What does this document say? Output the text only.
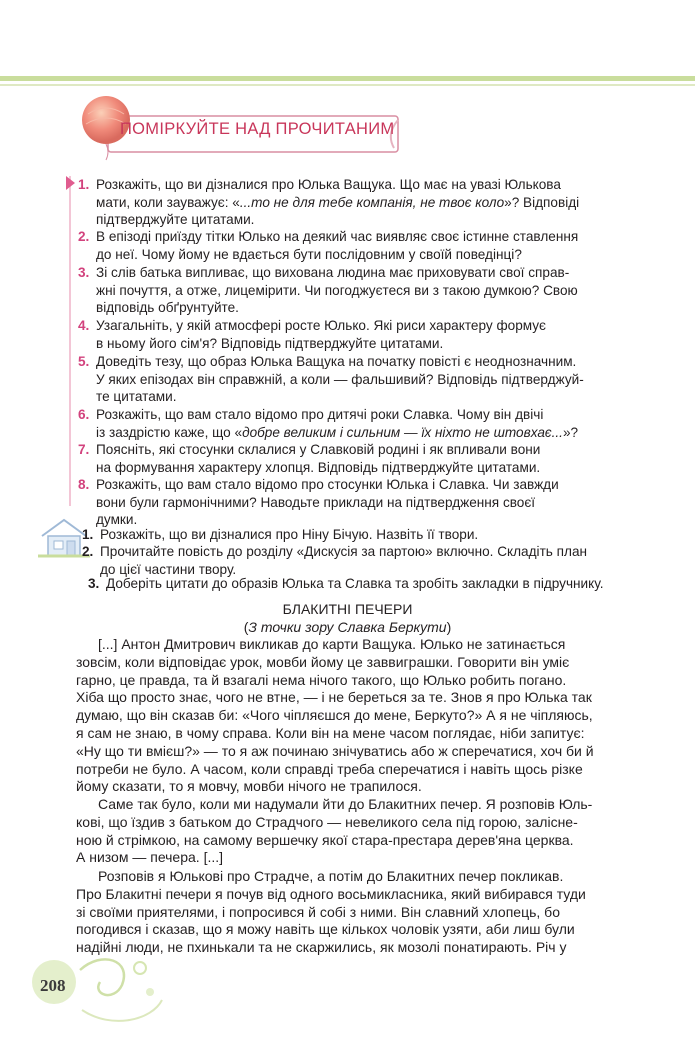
ПОМІРКУЙТЕ НАД ПРОЧИТАНИМ
1. Розкажіть, що ви дізналися про Юлька Ващука. Що має на увазі Юлькова
мати, коли зауважує: «...то не для тебе компанія, не твоє коло»? Відповіді
підтверджуйте цитатами.
2. В епізоді приїзду тітки Юлько на деякий час виявляє своє істинне ставлення
до неї. Чому йому не вдається бути послідовним у своїй поведінці?
3. Зі слів батька випливає, що вихована людина має приховувати свої справ-
жні почуття, а отже, лицемірити. Чи погоджуєтеся ви з такою думкою? Свою
відповідь обґрунтуйте.
4. Узагальніть, у якій атмосфері росте Юлько. Які риси характеру формує
в ньому його сім'я? Відповідь підтверджуйте цитатами.
5. Доведіть тезу, що образ Юлька Ващука на початку повісті є неоднозначним.
У яких епізодах він справжній, а коли — фальшивий? Відповідь підтверджуй-
те цитатами.
6. Розкажіть, що вам стало відомо про дитячі роки Славка. Чому він двічі
із заздрістю каже, що «добре великим і сильним — їх ніхто не штовхає...»?
7. Поясніть, які стосунки склалися у Славковій родині і як впливали вони
на формування характеру хлопця. Відповідь підтверджуйте цитатами.
8. Розкажіть, що вам стало відомо про стосунки Юлька і Славка. Чи завжди
вони були гармонічними? Наводьте приклади на підтвердження своєї
думки.
1. Розкажіть, що ви дізналися про Ніну Бічую. Назвіть її твори.
2. Прочитайте повість до розділу «Дискусія за партою» включно. Складіть план
до цієї частини твору.
3. Доберіть цитати до образів Юлька та Славка та зробіть закладки в підручнику.
БЛАКИТНІ ПЕЧЕРИ
(З точки зору Славка Беркути)
[...] Антон Дмитрович викликав до карти Ващука. Юлько не затинається
зовсім, коли відповідає урок, мовби йому це заввиграшки. Говорити він уміє
гарно, це правда, та й взагалі нема нічого такого, що Юлько робить погано.
Хіба що просто знає, чого не втне, — і не береться за те. Знов я про Юлька так
думаю, що він сказав би: «Чого чіпляєшся до мене, Беркуто?» А я не чіпляюсь,
я сам не знаю, в чому справа. Коли він на мене часом поглядає, ніби запитує:
«Ну що ти вмієш?» — то я аж починаю знічуватись або ж сперечатися, хоч би й
потреби не було. А часом, коли справді треба сперечатися і навіть щось різке
йому сказати, то я мовчу, мовби нічого не трапилося.
Саме так було, коли ми надумали йти до Блакитних печер. Я розповів Юль-
кові, що їздив з батьком до Страдчого — невеликого села під горою, залісне-
ною й стрімкою, на самому вершечку якої стара-престара дерев'яна церква.
А низом — печера. [...]
Розповів я Юлькові про Страдче, а потім до Блакитних печер покликав.
Про Блакитні печери я почув від одного восьмикласника, який вибирався туди
зі своїми приятелями, і попросився й собі з ними. Він славний хлопець, бо
погодився і сказав, що я можу навіть ще кількох чоловік узяти, аби лиш були
надійні люди, не пхинькали та не скаржились, як мозолі понатирають. Річ у
208
